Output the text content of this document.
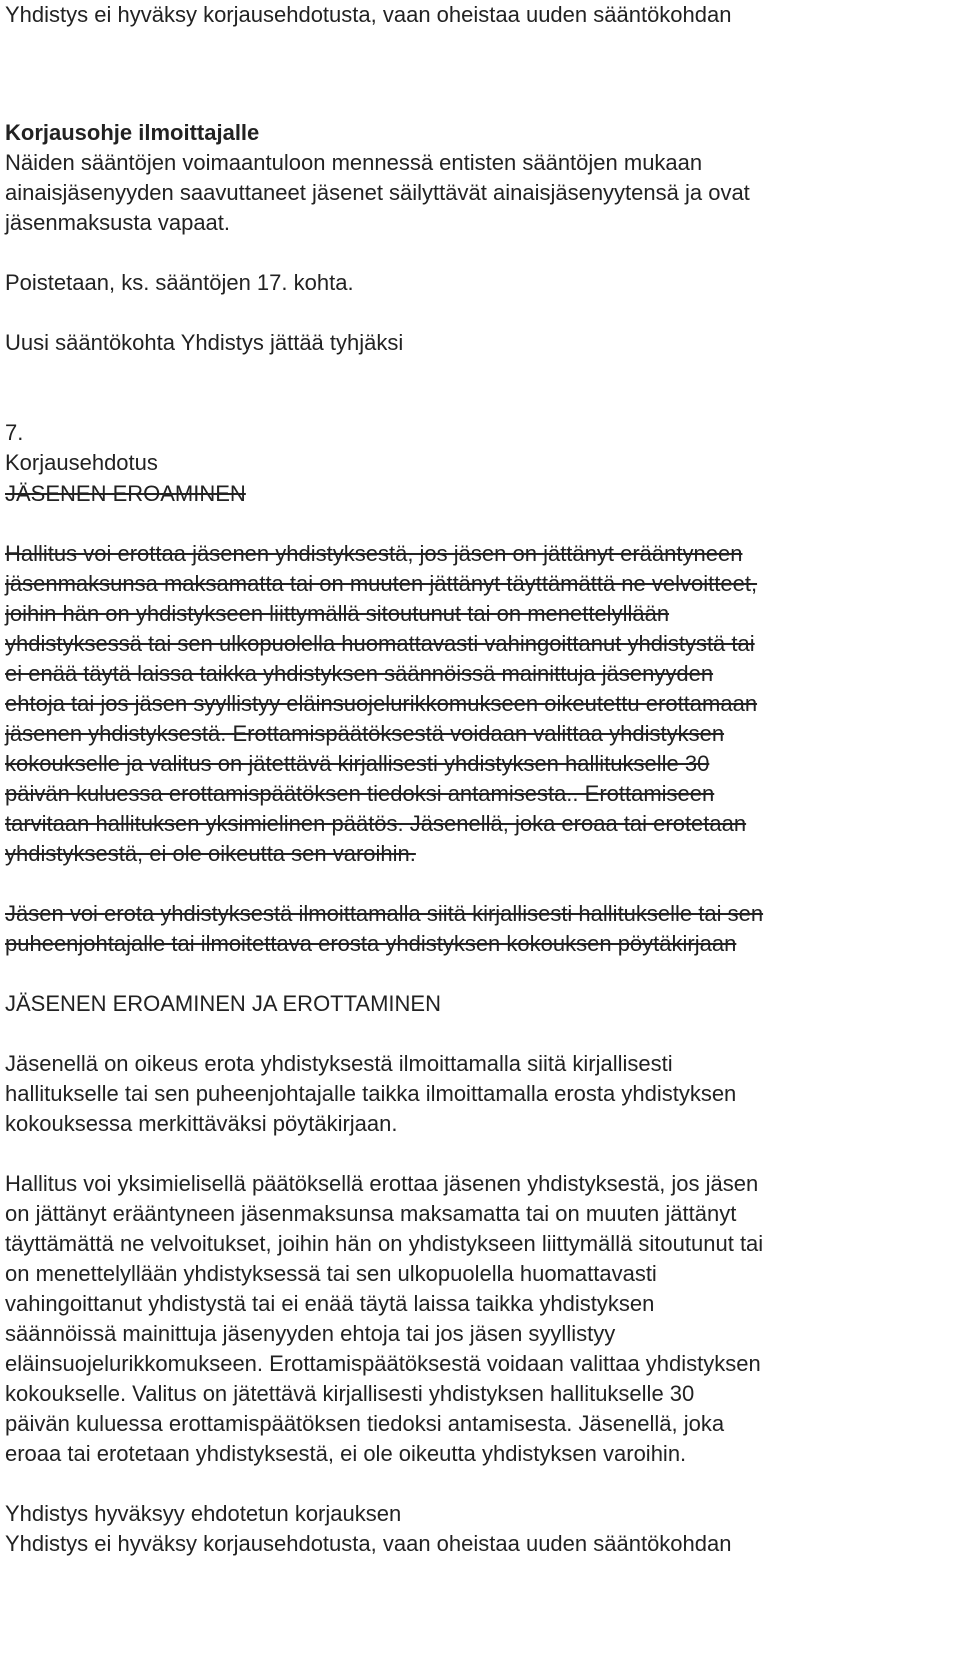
Yhdistys ei hyväksy korjausehdotusta, vaan oheistaa uuden sääntökohdan
Korjausohje ilmoittajalle
Näiden sääntöjen voimaantuloon mennessä entisten sääntöjen mukaan
ainaisjäsenyyden saavuttaneet jäsenet säilyttävät ainaisjäsenyytensä ja ovat
jäsenmaksusta vapaat.
Poistetaan, ks. sääntöjen 17. kohta.
Uusi sääntökohta Yhdistys jättää tyhjäksi
7.
Korjausehdotus
JÄSENEN EROAMINEN
Hallitus voi erottaa jäsenen yhdistyksestä, jos jäsen on jättänyt erääntyneen
jäsenmaksunsa maksamatta tai on muuten jättänyt täyttämättä ne velvoitteet,
joihin hän on yhdistykseen liittymällä sitoutunut tai on menettelyllään
yhdistyksessä tai sen ulkopuolella huomattavasti vahingoittanut yhdistystä tai
ei enää täytä laissa taikka yhdistyksen säännöissä mainittuja jäsenyyden
ehtoja tai jos jäsen syyllistyy eläinsuojelurikkomukseen oikeutettu erottamaan
jäsenen yhdistyksestä. Erottamispäätöksestä voidaan valittaa yhdistyksen
kokoukselle ja valitus on jätettävä kirjallisesti yhdistyksen hallitukselle 30
päivän kuluessa erottamispäätöksen tiedoksi antamisesta.. Erottamiseen
tarvitaan hallituksen yksimielinen päätös. Jäsenellä, joka eroaa tai erotetaan
yhdistyksestä, ei ole oikeutta sen varoihin.
Jäsen voi erota yhdistyksestä ilmoittamalla siitä kirjallisesti hallitukselle tai sen
puheenjohtajalle tai ilmoitettava erosta yhdistyksen kokouksen pöytäkirjaan
JÄSENEN EROAMINEN JA EROTTAMINEN
Jäsenellä on oikeus erota yhdistyksestä ilmoittamalla siitä kirjallisesti
hallitukselle tai sen puheenjohtajalle taikka ilmoittamalla erosta yhdistyksen
kokouksessa merkittäväksi pöytäkirjaan.
Hallitus voi yksimielisellä päätöksellä erottaa jäsenen yhdistyksestä, jos jäsen
on jättänyt erääntyneen jäsenmaksunsa maksamatta tai on muuten jättänyt
täyttämättä ne velvoitukset, joihin hän on yhdistykseen liittymällä sitoutunut tai
on menettelyllään yhdistyksessä tai sen ulkopuolella huomattavasti
vahingoittanut yhdistystä tai ei enää täytä laissa taikka yhdistyksen
säännöissä mainittuja jäsenyyden ehtoja tai jos jäsen syyllistyy
eläinsuojelurikkomukseen. Erottamispäätöksestä voidaan valittaa yhdistyksen
kokoukselle. Valitus on jätettävä kirjallisesti yhdistyksen hallitukselle 30
päivän kuluessa erottamispäätöksen tiedoksi antamisesta. Jäsenellä, joka
eroaa tai erotetaan yhdistyksestä, ei ole oikeutta yhdistyksen varoihin.
Yhdistys hyväksyy ehdotetun korjauksen
Yhdistys ei hyväksy korjausehdotusta, vaan oheistaa uuden sääntökohdan
